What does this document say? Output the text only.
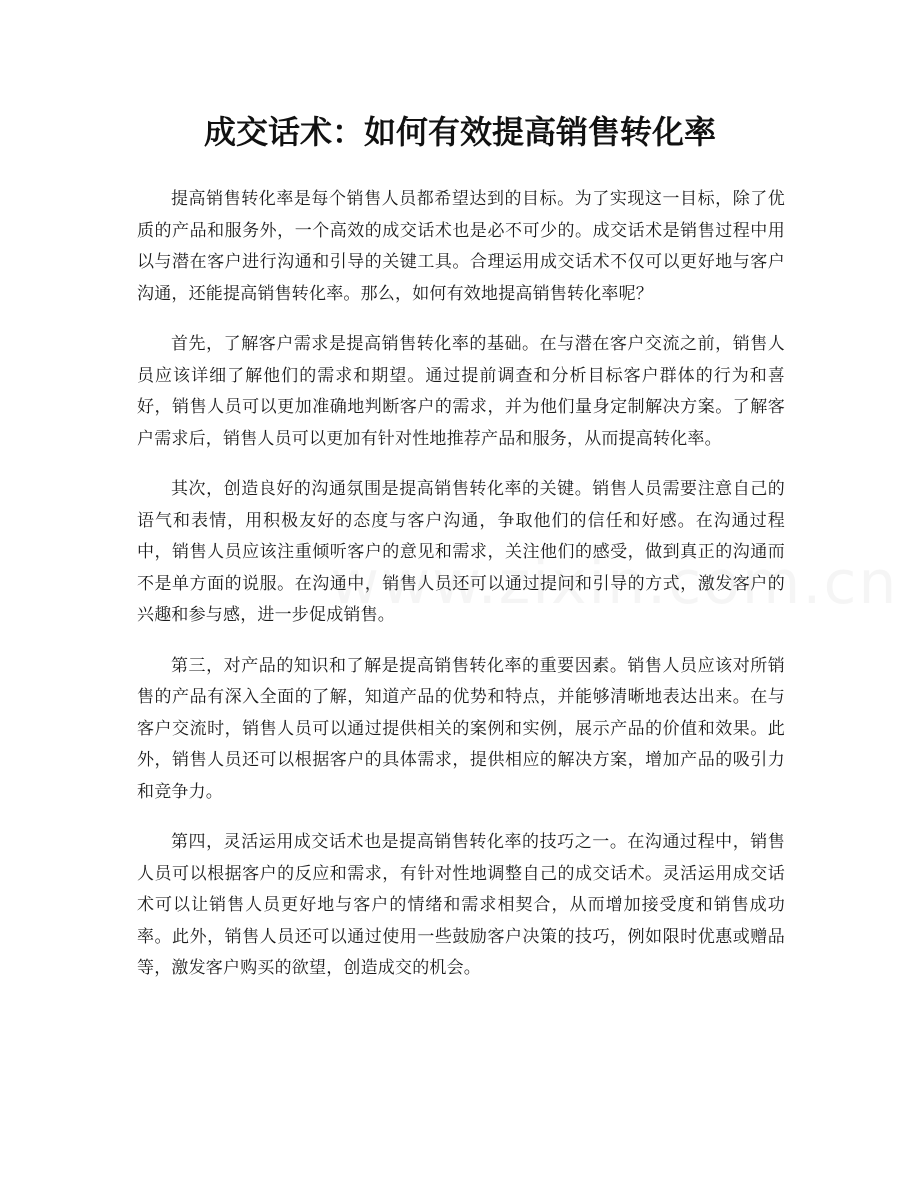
成交话术：如何有效提高销售转化率

提高销售转化率是每个销售人员都希望达到的目标。为了实现这一目标，除了优质的产品和服务外，一个高效的成交话术也是必不可少的。成交话术是销售过程中用以与潜在客户进行沟通和引导的关键工具。合理运用成交话术不仅可以更好地与客户沟通，还能提高销售转化率。那么，如何有效地提高销售转化率呢？

首先，了解客户需求是提高销售转化率的基础。在与潜在客户交流之前，销售人员应该详细了解他们的需求和期望。通过提前调查和分析目标客户群体的行为和喜好，销售人员可以更加准确地判断客户的需求，并为他们量身定制解决方案。了解客户需求后，销售人员可以更加有针对性地推荐产品和服务，从而提高转化率。

其次，创造良好的沟通氛围是提高销售转化率的关键。销售人员需要注意自己的语气和表情，用积极友好的态度与客户沟通，争取他们的信任和好感。在沟通过程中，销售人员应该注重倾听客户的意见和需求，关注他们的感受，做到真正的沟通而不是单方面的说服。在沟通中，销售人员还可以通过提问和引导的方式，激发客户的兴趣和参与感，进一步促成销售。

第三，对产品的知识和了解是提高销售转化率的重要因素。销售人员应该对所销售的产品有深入全面的了解，知道产品的优势和特点，并能够清晰地表达出来。在与客户交流时，销售人员可以通过提供相关的案例和实例，展示产品的价值和效果。此外，销售人员还可以根据客户的具体需求，提供相应的解决方案，增加产品的吸引力和竞争力。

第四，灵活运用成交话术也是提高销售转化率的技巧之一。在沟通过程中，销售人员可以根据客户的反应和需求，有针对性地调整自己的成交话术。灵活运用成交话术可以让销售人员更好地与客户的情绪和需求相契合，从而增加接受度和销售成功率。此外，销售人员还可以通过使用一些鼓励客户决策的技巧，例如限时优惠或赠品等，激发客户购买的欲望，创造成交的机会。
